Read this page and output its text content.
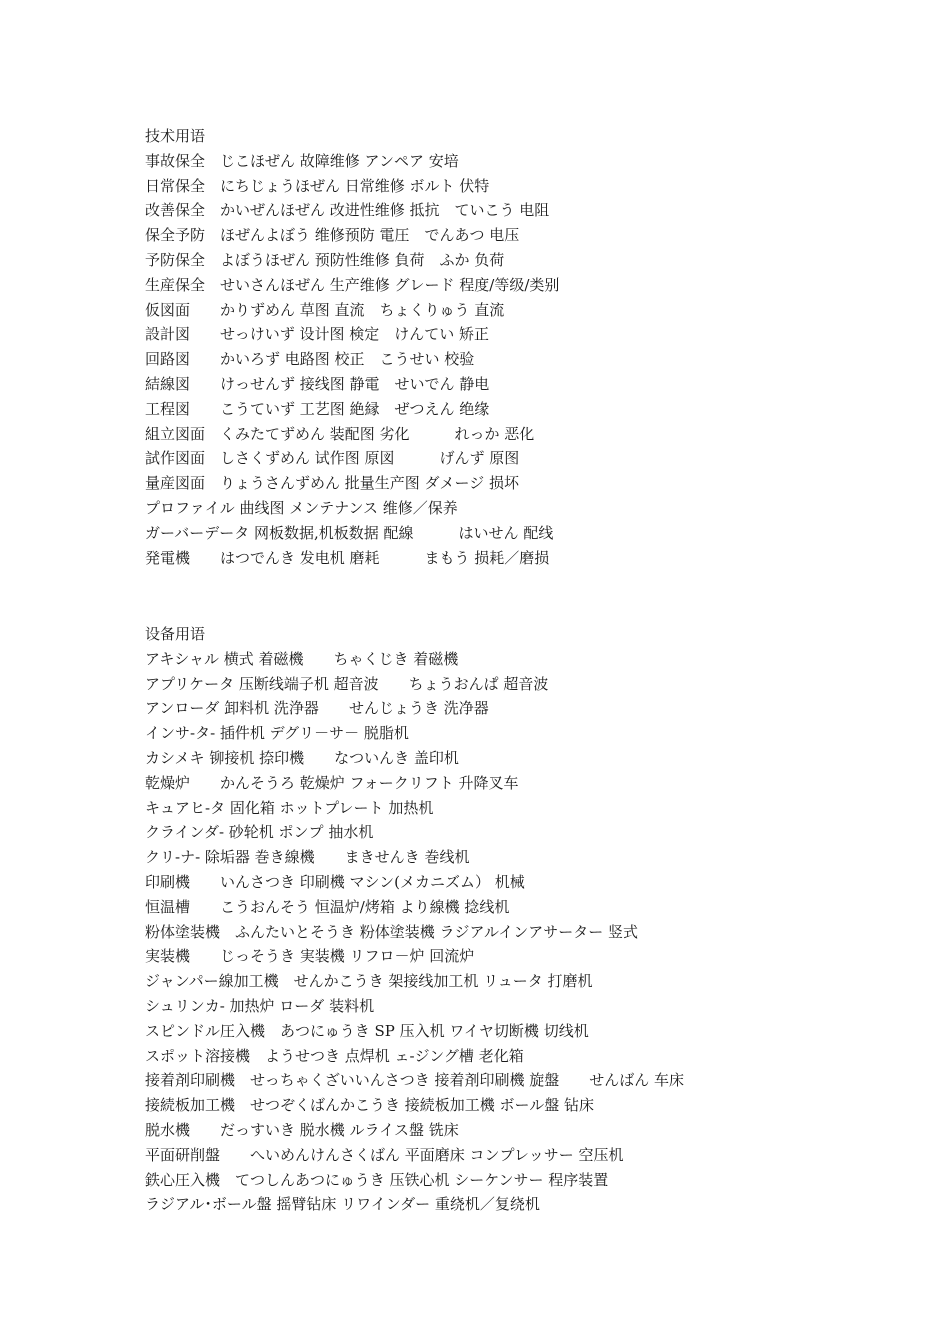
技术用语
事故保全　じこほぜん 故障维修 アンペア 安培
日常保全　にちじょうほぜん 日常维修 ボルト 伏特
改善保全　かいぜんほぜん 改进性维修 抵抗　ていこう 电阻
保全予防　ほぜんよぼう 维修预防 電圧　でんあつ 电压
予防保全　よぼうほぜん 预防性维修 負荷　ふか 负荷
生産保全　せいさんほぜん 生产维修 グレード 程度/等级/类别
仮図面　　かりずめん 草图 直流　ちょくりゅう 直流
設計図　　せっけいず 设计图 検定　けんてい 矫正
回路図　　かいろず 电路图 校正　こうせい 校验
結線図　　けっせんず 接线图 静電　せいでん 静电
工程図　　こうていず 工艺图 絶縁　ぜつえん 绝缘
組立図面　くみたてずめん 装配图 劣化　　　れっか 恶化
試作図面　しさくずめん 试作图 原図　　　げんず 原图
量産図面　りょうさんずめん 批量生产图 ダメージ 损坏
プロファイル 曲线图 メンテナンス 维修／保养
ガーバーデータ 网板数据,机板数据 配線　　　はいせん 配线
発電機　　はつでんき 发电机 磨耗　　　まもう 损耗／磨损
设备用语
アキシャル 横式 着磁機　　ちゃくじき 着磁機
アプリケータ 压断线端子机 超音波　　ちょうおんぱ 超音波
アンローダ 卸料机 洗浄器　　せんじょうき 洗净器
インサ-タ- 插件机 デグリ－サ－ 脱脂机
カシメキ 铆接机 捺印機　　なついんき 盖印机
乾燥炉　　かんそうろ 乾燥炉 フォークリフト 升降叉车
キュアヒ-タ 固化箱 ホットプレート 加热机
クラインダ- 砂轮机 ポンプ 抽水机
クリ-ナ- 除垢器 巻き線機　　まきせんき 巻线机
印刷機　　いんさつき 印刷機 マシン(メカニズム） 机械
恒温槽　　こうおんそう 恒温炉/烤箱 より線機 捻线机
粉体塗装機　ふんたいとそうき 粉体塗装機 ラジアルインアサーター 竖式
実装機　　じっそうき 実装機 リフロ－炉 回流炉
ジャンパー線加工機　せんかこうき 架接线加工机 リュータ 打磨机
シュリンカ- 加热炉 ローダ 装料机
スピンドル圧入機　あつにゅうき SP 压入机 ワイヤ切断機 切线机
スポット溶接機　ようせつき 点焊机 ェ-ジング槽 老化箱
接着剤印刷機　せっちゃくざいいんさつき 接着剤印刷機 旋盤　　せんばん 车床
接続板加工機　せつぞくばんかこうき 接続板加工機 ボール盤 钻床
脱水機　　だっすいき 脱水機 ルライス盤 铣床
平面研削盤　　へいめんけんさくばん 平面磨床 コンプレッサー 空压机
鉄心圧入機　てつしんあつにゅうき 压铁心机 シーケンサー 程序装置
ラジアル･ボール盤 摇臂钻床 リワインダー 重绕机／复绕机
